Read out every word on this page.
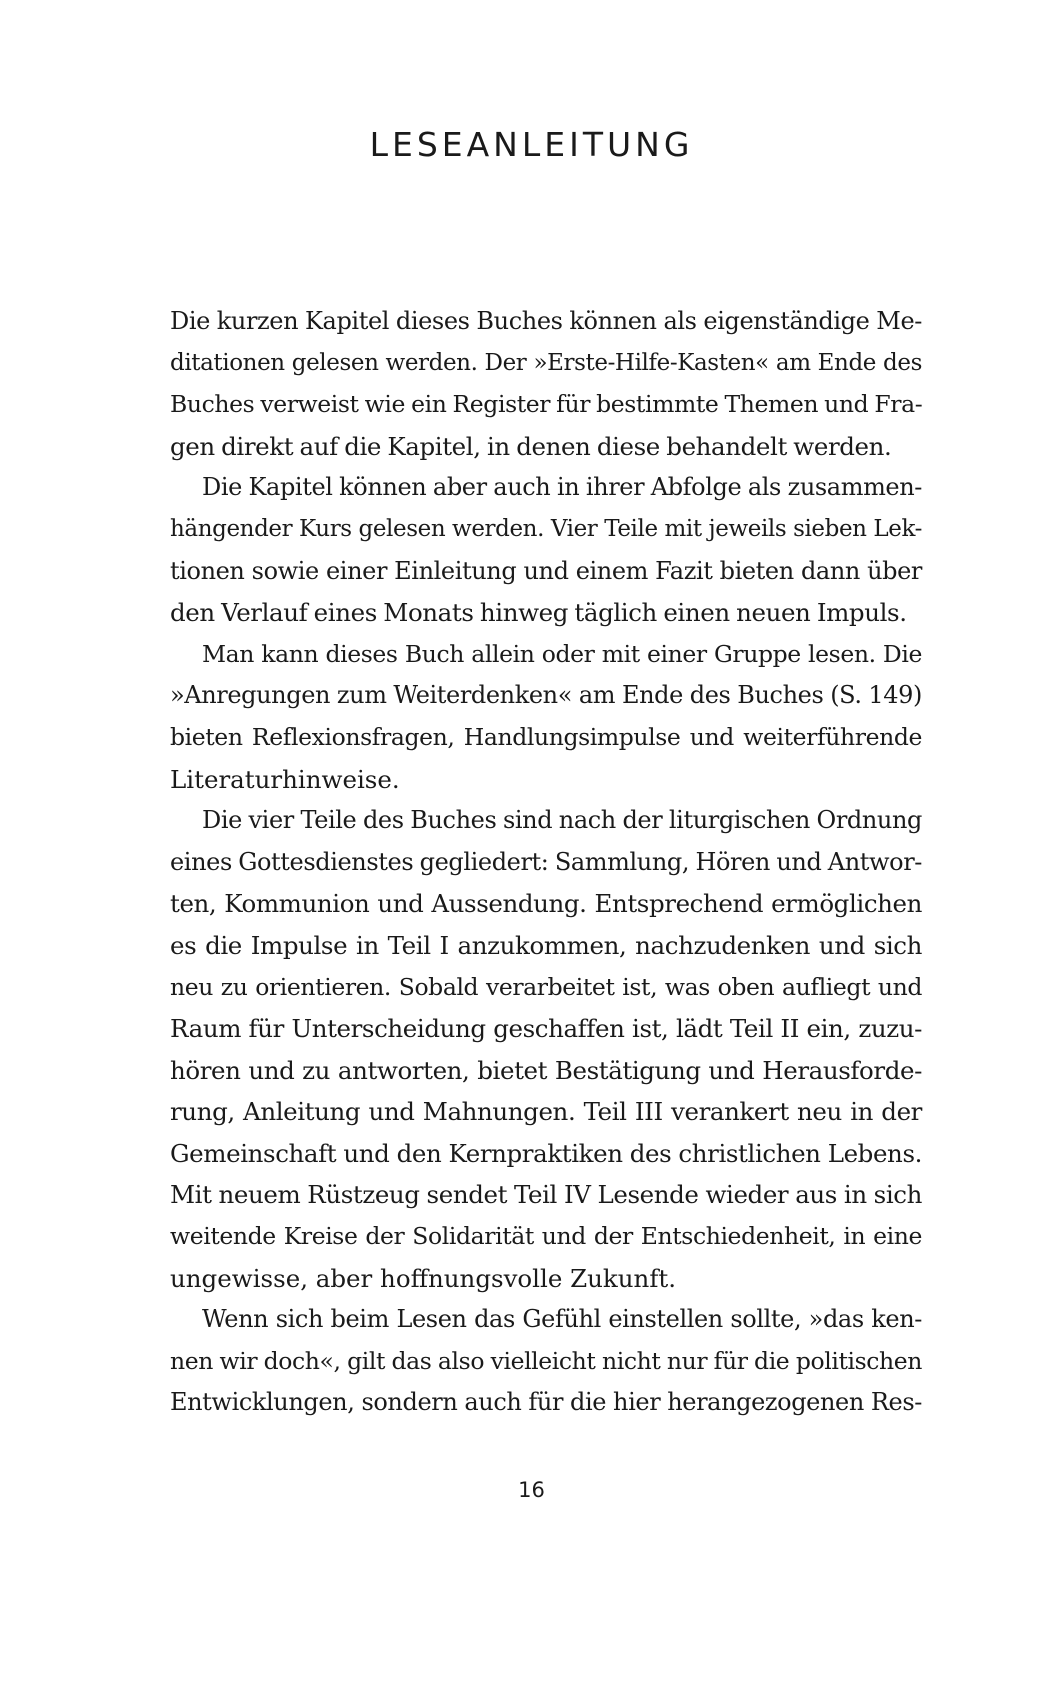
LESEANLEITUNG
Die kurzen Kapitel dieses Buches können als eigenständige Me-
ditationen gelesen werden. Der »Erste-Hilfe-Kasten« am Ende des
Buches verweist wie ein Register für bestimmte Themen und Fra-
gen direkt auf die Kapitel, in denen diese behandelt werden.
Die Kapitel können aber auch in ihrer Abfolge als zusammen-
hängender Kurs gelesen werden. Vier Teile mit jeweils sieben Lek-
tionen sowie einer Einleitung und einem Fazit bieten dann über
den Verlauf eines Monats hinweg täglich einen neuen Impuls.
Man kann dieses Buch allein oder mit einer Gruppe lesen. Die
»Anregungen zum Weiterdenken« am Ende des Buches (S. 149)
bieten Reflexionsfragen, Handlungsimpulse und weiterführende
Literaturhinweise.
Die vier Teile des Buches sind nach der liturgischen Ordnung
eines Gottesdienstes gegliedert: Sammlung, Hören und Antwor-
ten, Kommunion und Aussendung. Entsprechend ermöglichen
es die Impulse in Teil I anzukommen, nachzudenken und sich
neu zu orientieren. Sobald verarbeitet ist, was oben aufliegt und
Raum für Unterscheidung geschaffen ist, lädt Teil II ein, zuzu-
hören und zu antworten, bietet Bestätigung und Herausforde-
rung, Anleitung und Mahnungen. Teil III verankert neu in der
Gemeinschaft und den Kernpraktiken des christlichen Lebens.
Mit neuem Rüstzeug sendet Teil IV Lesende wieder aus in sich
weitende Kreise der Solidarität und der Entschiedenheit, in eine
ungewisse, aber hoffnungsvolle Zukunft.
Wenn sich beim Lesen das Gefühl einstellen sollte, »das ken-
nen wir doch«, gilt das also vielleicht nicht nur für die politischen
Entwicklungen, sondern auch für die hier herangezogenen Res-
16
